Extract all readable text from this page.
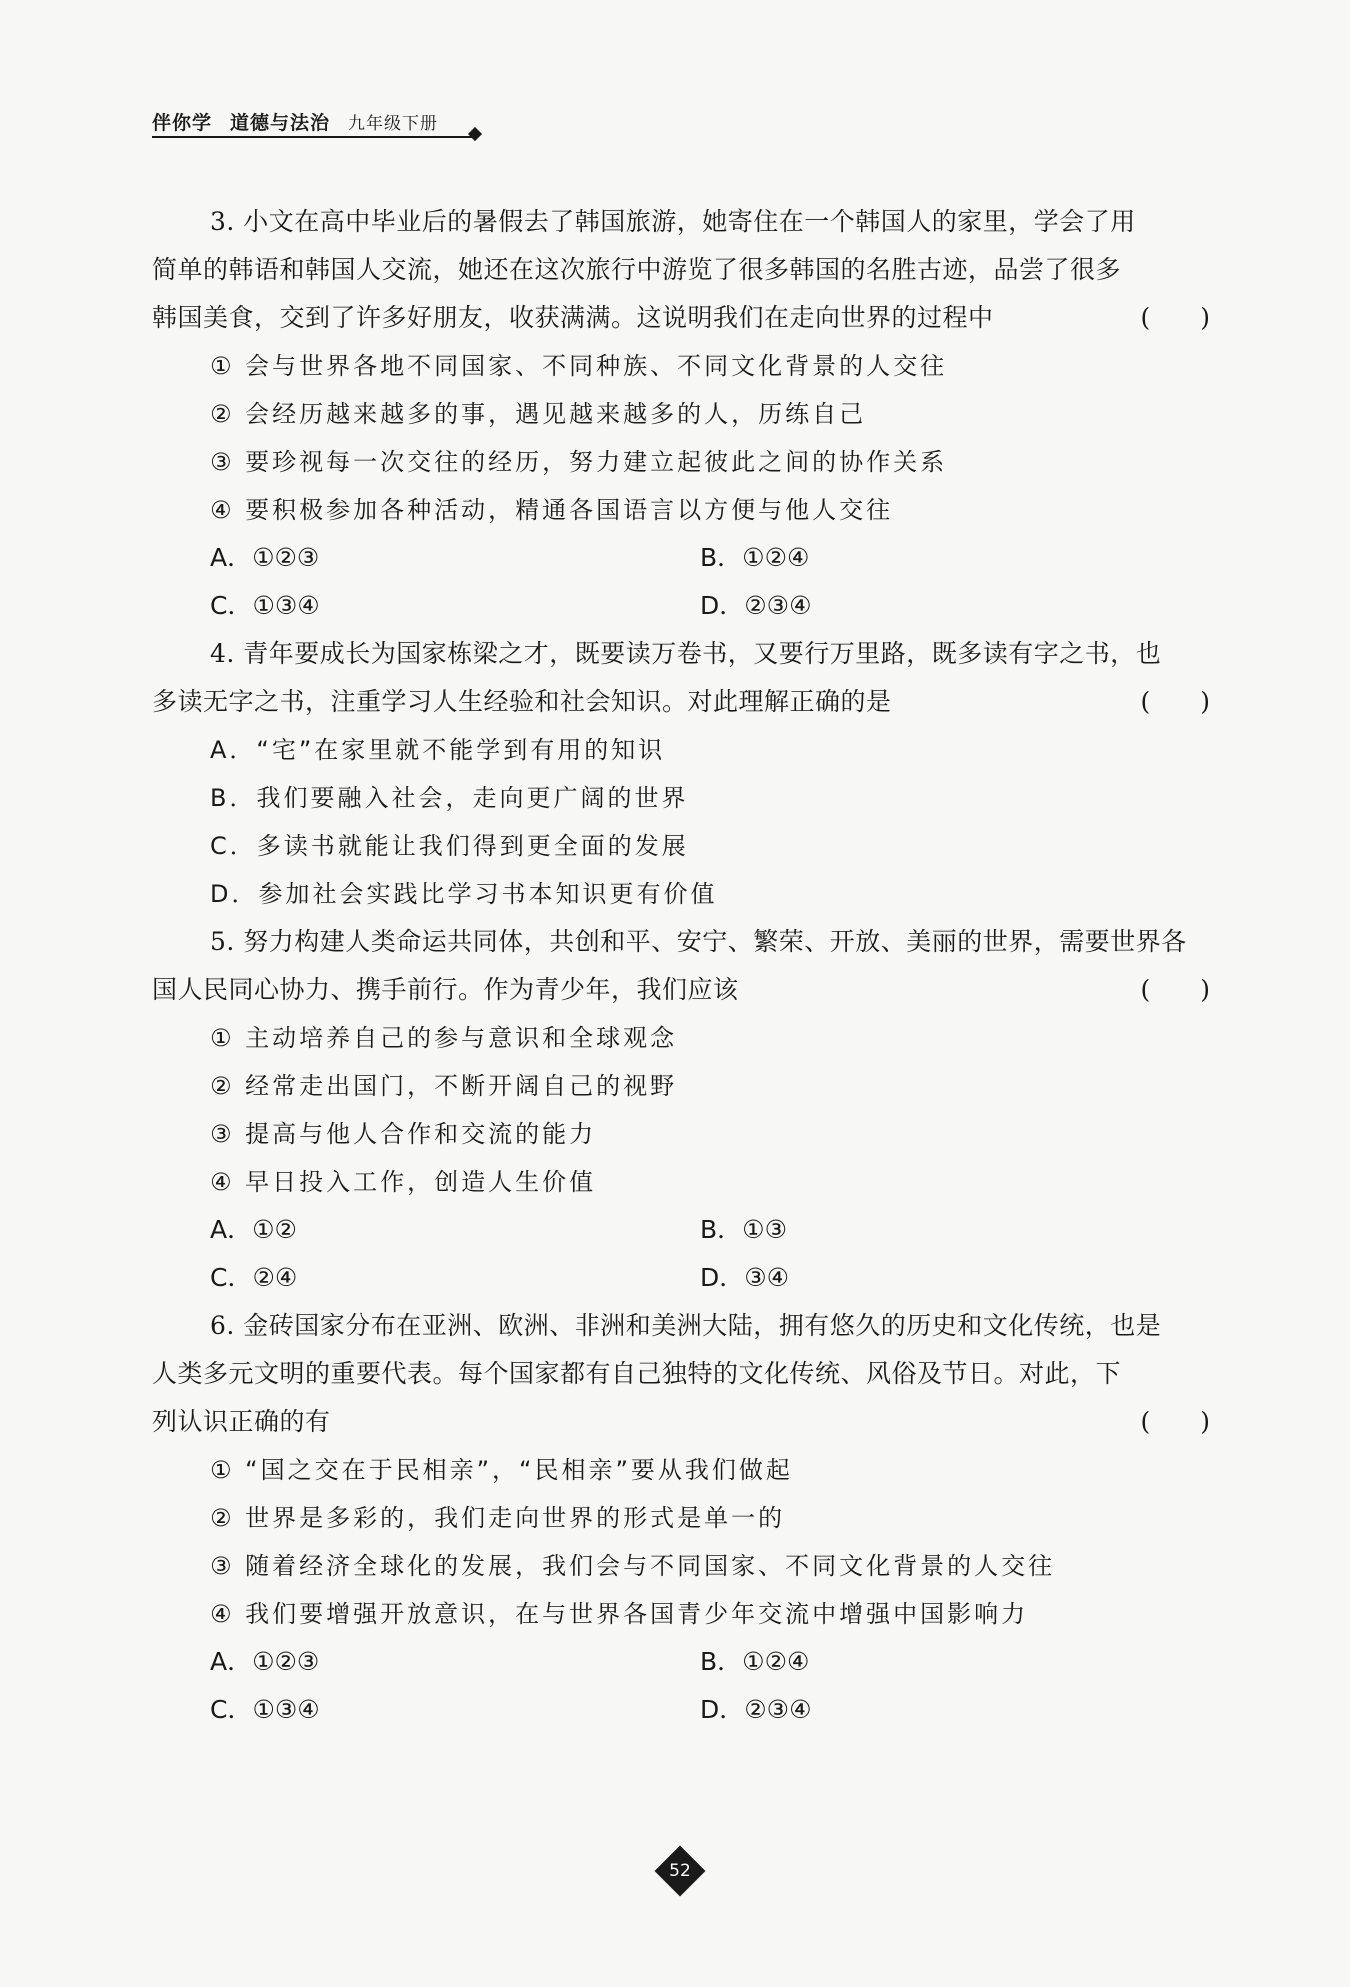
伴你学 道德与法治 九年级下册
3. 小文在高中毕业后的暑假去了韩国旅游，她寄住在一个韩国人的家里，学会了用
简单的韩语和韩国人交流，她还在这次旅行中游览了很多韩国的名胜古迹，品尝了很多
韩国美食，交到了许多好朋友，收获满满。这说明我们在走向世界的过程中	(　　)
① 会与世界各地不同国家、不同种族、不同文化背景的人交往
② 会经历越来越多的事，遇见越来越多的人，历练自己
③ 要珍视每一次交往的经历，努力建立起彼此之间的协作关系
④ 要积极参加各种活动，精通各国语言以方便与他人交往
A．①②③	B．①②④
C．①③④	D．②③④
4. 青年要成长为国家栋梁之才，既要读万卷书，又要行万里路，既多读有字之书，也
多读无字之书，注重学习人生经验和社会知识。对此理解正确的是	(　　)
A．“宅”在家里就不能学到有用的知识
B．我们要融入社会，走向更广阔的世界
C．多读书就能让我们得到更全面的发展
D．参加社会实践比学习书本知识更有价值
5. 努力构建人类命运共同体，共创和平、安宁、繁荣、开放、美丽的世界，需要世界各
国人民同心协力、携手前行。作为青少年，我们应该	(　　)
① 主动培养自己的参与意识和全球观念
② 经常走出国门，不断开阔自己的视野
③ 提高与他人合作和交流的能力
④ 早日投入工作，创造人生价值
A．①②	B．①③
C．②④	D．③④
6. 金砖国家分布在亚洲、欧洲、非洲和美洲大陆，拥有悠久的历史和文化传统，也是
人类多元文明的重要代表。每个国家都有自己独特的文化传统、风俗及节日。对此，下
列认识正确的有	(　　)
① “国之交在于民相亲”，“民相亲”要从我们做起
② 世界是多彩的，我们走向世界的形式是单一的
③ 随着经济全球化的发展，我们会与不同国家、不同文化背景的人交往
④ 我们要增强开放意识，在与世界各国青少年交流中增强中国影响力
A．①②③	B．①②④
C．①③④	D．②③④
52
